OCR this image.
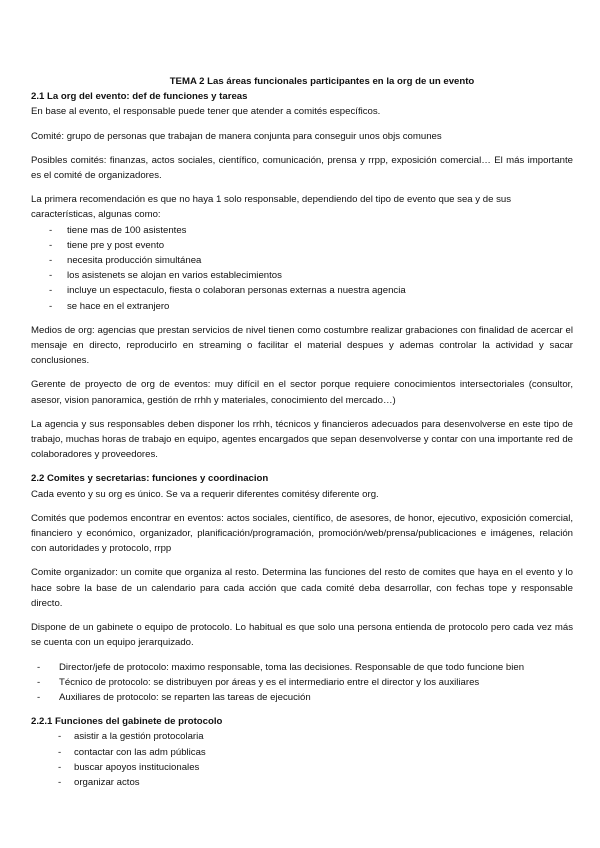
TEMA 2 Las áreas funcionales participantes en la org de un evento
2.1 La org del evento: def de funciones y tareas

En base al evento, el responsable puede tener que atender a comités específicos.

Comité: grupo de personas que trabajan de manera conjunta para conseguir unos objs comunes

Posibles comités: finanzas, actos sociales, científico, comunicación, prensa y rrpp, exposición comercial… El más importante es el comité de organizadores.

La primera recomendación es que no haya 1 solo responsable, dependiendo del tipo de evento que sea y de sus características, algunas como:

- tiene mas de 100 asistentes
- tiene pre y post evento
- necesita producción simultánea
- los asistenets se alojan en varios establecimientos
- incluye un espectaculo, fiesta o colaboran personas externas a nuestra agencia
- se hace en el extranjero

Medios de org: agencias que prestan servicios de nivel tienen como costumbre realizar grabaciones con finalidad de acercar el mensaje en directo, reproducirlo en streaming o facilitar el material despues y ademas controlar la actividad y sacar conclusiones.

Gerente de proyecto de org de eventos: muy difícil en el sector porque requiere conocimientos intersectoriales (consultor, asesor, vision panoramica, gestión de rrhh y materiales, conocimiento del mercado…)

La agencia y sus responsables deben disponer los rrhh, técnicos y financieros adecuados para desenvolverse en este tipo de trabajo, muchas horas de trabajo en equipo, agentes encargados que sepan desenvolverse y contar con una importante red de colaboradores y proveedores.

2.2 Comites y secretarias: funciones y coordinacion

Cada evento y su org es único. Se va a requerir diferentes comitésy diferente org.

Comités que podemos encontrar en eventos: actos sociales, científico, de asesores, de honor, ejecutivo, exposición comercial, financiero y económico, organizador, planificación/programación, promoción/web/prensa/publicaciones e imágenes, relación con autoridades y protocolo, rrpp

Comite organizador: un comite que organiza al resto. Determina las funciones del resto de comites que haya en el evento y lo hace sobre la base de un calendario para cada acción que cada comité deba desarrollar, con fechas tope y responsable directo.

Dispone de un gabinete o equipo de protocolo. Lo habitual es que solo una persona entienda de protocolo pero cada vez más se cuenta con un equipo jerarquizado.

- Director/jefe de protocolo: maximo responsable, toma las decisiones. Responsable de que todo funcione bien
- Técnico de protocolo: se distribuyen por áreas y es el intermediario entre el director y los auxiliares
- Auxiliares de protocolo: se reparten las tareas de ejecución
2.2.1 Funciones del gabinete de protocolo
- asistir a la gestión protocolaria
- contactar con las adm públicas
- buscar apoyos institucionales
- organizar actos
